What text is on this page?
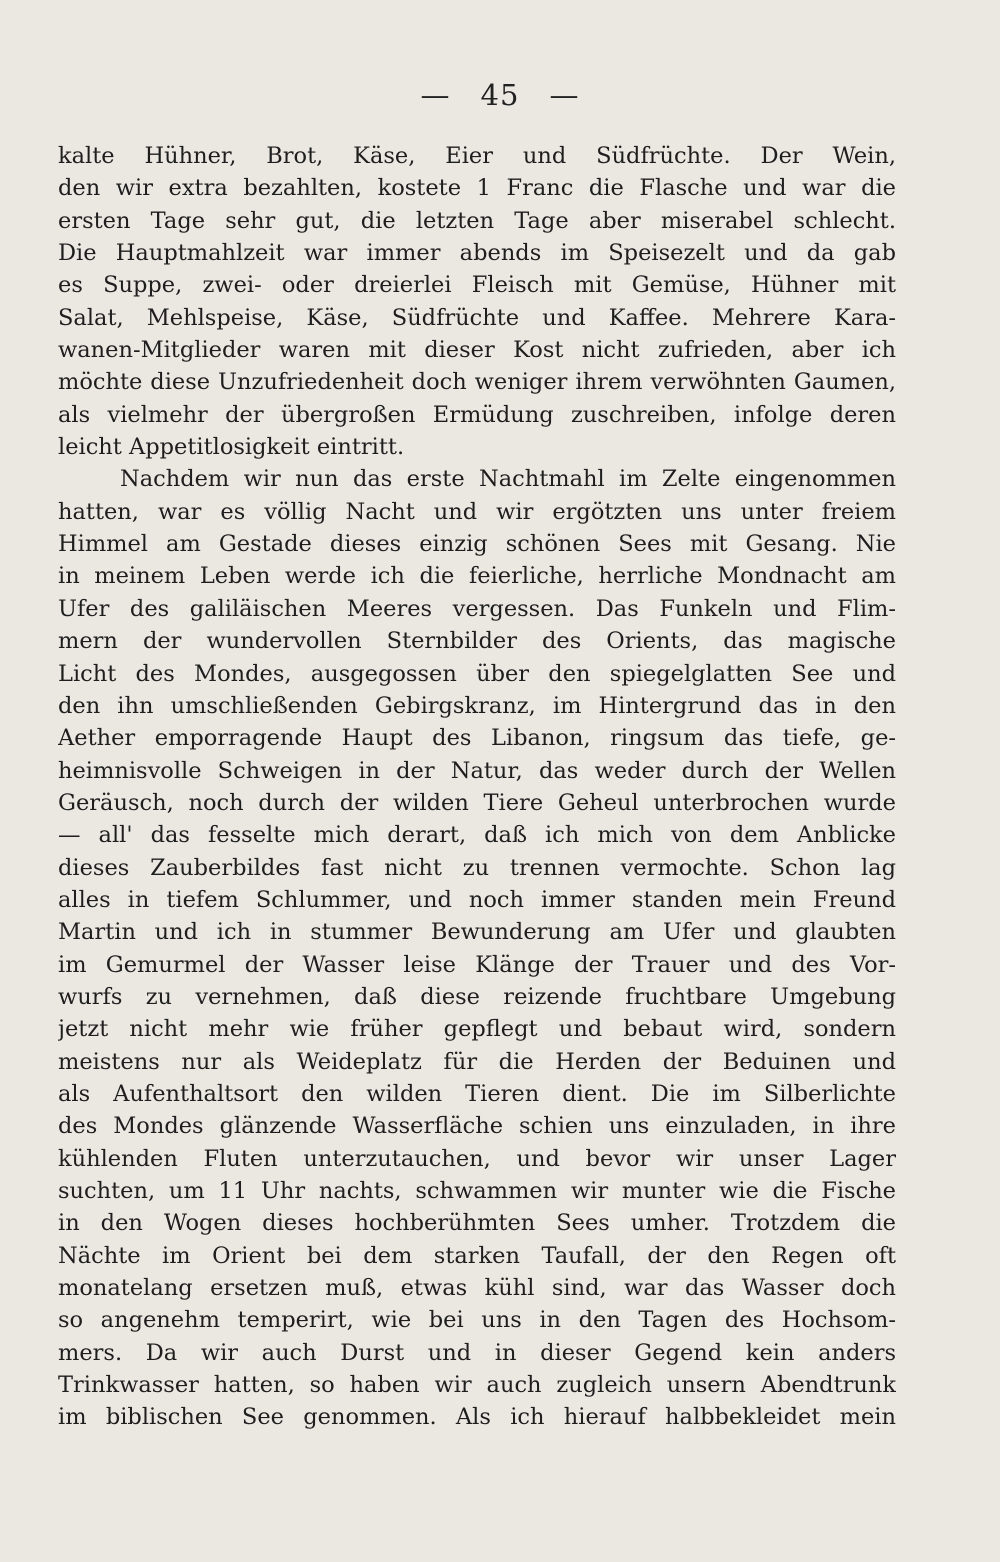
— 45 —
kalte Hühner, Brot, Käse, Eier und Südfrüchte. Der Wein,
den wir extra bezahlten, kostete 1 Franc die Flasche und war die
ersten Tage sehr gut, die letzten Tage aber miserabel schlecht.
Die Hauptmahlzeit war immer abends im Speisezelt und da gab
es Suppe, zwei- oder dreierlei Fleisch mit Gemüse, Hühner mit
Salat, Mehlspeise, Käse, Südfrüchte und Kaffee. Mehrere Kara-
wanen-Mitglieder waren mit dieser Kost nicht zufrieden, aber ich
möchte diese Unzufriedenheit doch weniger ihrem verwöhnten Gaumen,
als vielmehr der übergroßen Ermüdung zuschreiben, infolge deren
leicht Appetitlosigkeit eintritt.
Nachdem wir nun das erste Nachtmahl im Zelte eingenommen
hatten, war es völlig Nacht und wir ergötzten uns unter freiem
Himmel am Gestade dieses einzig schönen Sees mit Gesang. Nie
in meinem Leben werde ich die feierliche, herrliche Mondnacht am
Ufer des galiläischen Meeres vergessen. Das Funkeln und Flim-
mern der wundervollen Sternbilder des Orients, das magische
Licht des Mondes, ausgegossen über den spiegelglatten See und
den ihn umschließenden Gebirgskranz, im Hintergrund das in den
Aether emporragende Haupt des Libanon, ringsum das tiefe, ge-
heimnisvolle Schweigen in der Natur, das weder durch der Wellen
Geräusch, noch durch der wilden Tiere Geheul unterbrochen wurde
— all' das fesselte mich derart, daß ich mich von dem Anblicke
dieses Zauberbildes fast nicht zu trennen vermochte. Schon lag
alles in tiefem Schlummer, und noch immer standen mein Freund
Martin und ich in stummer Bewunderung am Ufer und glaubten
im Gemurmel der Wasser leise Klänge der Trauer und des Vor-
wurfs zu vernehmen, daß diese reizende fruchtbare Umgebung
jetzt nicht mehr wie früher gepflegt und bebaut wird, sondern
meistens nur als Weideplatz für die Herden der Beduinen und
als Aufenthaltsort den wilden Tieren dient. Die im Silberlichte
des Mondes glänzende Wasserfläche schien uns einzuladen, in ihre
kühlenden Fluten unterzutauchen, und bevor wir unser Lager
suchten, um 11 Uhr nachts, schwammen wir munter wie die Fische
in den Wogen dieses hochberühmten Sees umher. Trotzdem die
Nächte im Orient bei dem starken Taufall, der den Regen oft
monatelang ersetzen muß, etwas kühl sind, war das Wasser doch
so angenehm temperirt, wie bei uns in den Tagen des Hochsom-
mers. Da wir auch Durst und in dieser Gegend kein anders
Trinkwasser hatten, so haben wir auch zugleich unsern Abendtrunk
im biblischen See genommen. Als ich hierauf halbbekleidet mein
